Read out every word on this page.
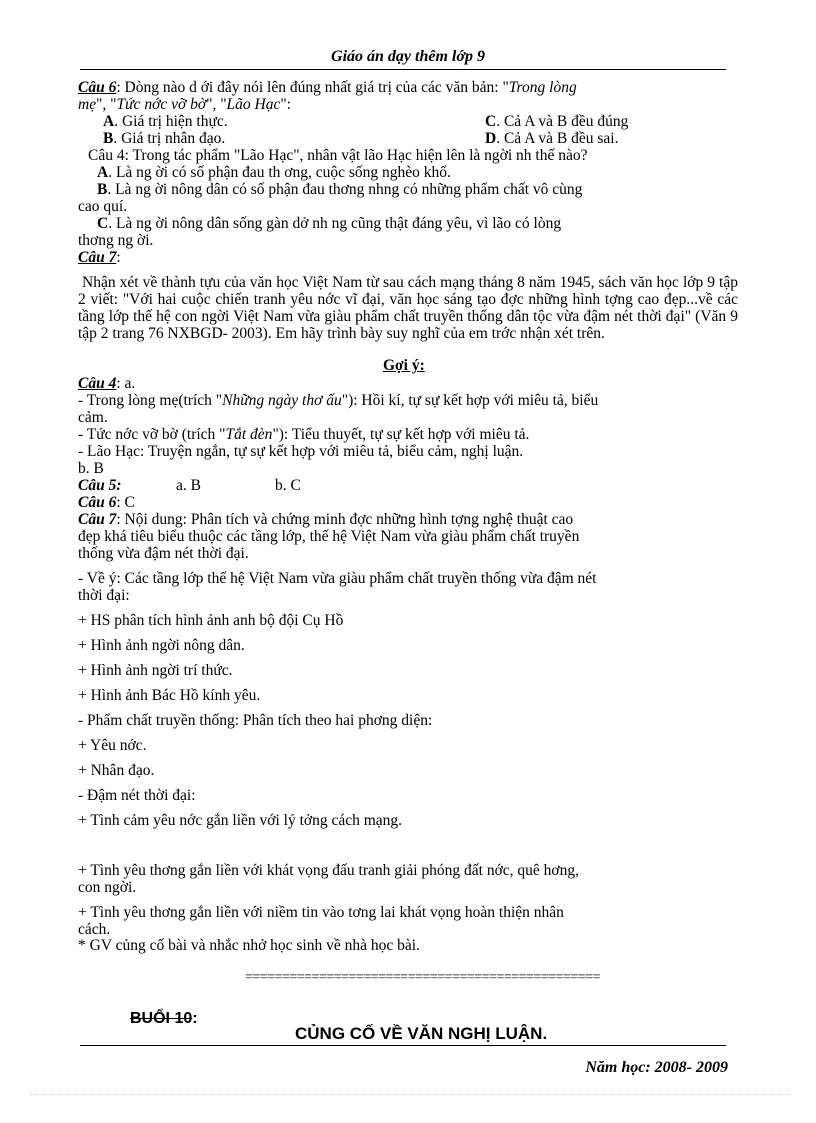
Giáo án dạy thêm lớp 9
Câu 6: Dòng nào d ới đây nói lên đúng nhất giá trị của các văn bản: "Trong lòng
mẹ", "Tức nớc vỡ bờ", "Lão Hạc":
A. Giá trị hiện thực.	C. Cả A và B đều đúng
B. Giá trị nhân đạo.	D. Cả A và B đều sai.
Câu 4: Trong tác phẩm "Lão Hạc", nhân vật lão Hạc hiện lên là ngời nh thế nào?
A. Là ng ời có số phận đau th ơng, cuộc sống nghèo khổ.
B. Là ng ời nông dân có số phận đau thơng nhng có những phẩm chất vô cùng
cao quí.
C. Là ng ời nông dân sống gàn dở nh ng cũng thật đáng yêu, vì lão có lòng
thơng ng ời.
Câu 7:
Nhận xét về thành tựu của văn học Việt Nam từ sau cách mạng tháng 8 năm 1945, sách văn học lớp 9 tập 2 viết: "Với hai cuộc chiến tranh yêu nớc vĩ đại, văn học sáng tạo đợc những hình tợng cao đẹp...về các tầng lớp thế hệ con ngời Việt Nam vừa giàu phẩm chất truyền thống dân tộc vừa đậm nét thời đại" (Văn 9 tập 2 trang 76 NXBGD- 2003). Em hãy trình bày suy nghĩ của em trớc nhận xét trên.
Gợi ý:
Câu 4: a.
- Trong lòng mẹ(trích "Những ngày thơ ấu"): Hồi kí, tự sự kết hợp với miêu tả, biểu
cảm.
- Tức nớc vỡ bờ (trích "Tắt đèn"): Tiểu thuyết, tự sự kết hợp với miêu tả.
- Lão Hạc: Truyện ngắn, tự sự kết hợp với miêu tả, biểu cảm, nghị luận.
b. B
Câu 5:	a. B	b. C
Câu 6: C
Câu 7: Nội dung: Phân tích và chứng minh đợc những hình tợng nghệ thuật cao
đẹp khá tiêu biểu thuộc các tầng lớp, thế hệ Việt Nam vừa giàu phẩm chất truyền
thống vừa đậm nét thời đại.
- Về ý: Các tầng lớp thế hệ Việt Nam vừa giàu phẩm chất truyền thống vừa đậm nét
thời đại:
+ HS phân tích hình ảnh anh bộ đội Cụ Hồ
+ Hình ảnh ngời nông dân.
+ Hình ảnh ngời trí thức.
+ Hình ảnh Bác Hồ kính yêu.
- Phẩm chất truyền thống: Phân tích theo hai phơng diện:
+ Yêu nớc.
+ Nhân đạo.
- Đậm nét thời đại:
+ Tình cảm yêu nớc gắn liền với lý tởng cách mạng.
+ Tình yêu thơng gắn liền với khát vọng đấu tranh giải phóng đất nớc, quê hơng,
con ngời.
+ Tình yêu thơng gắn liền với niềm tin vào tơng lai khát vọng hoàn thiện nhân
cách.
* GV củng cố bài và nhắc nhở học sinh về nhà học bài.
================================================
BUỔI 10:
CỦNG CỐ VỀ VĂN NGHỊ LUẬN.
Năm học: 2008- 2009
